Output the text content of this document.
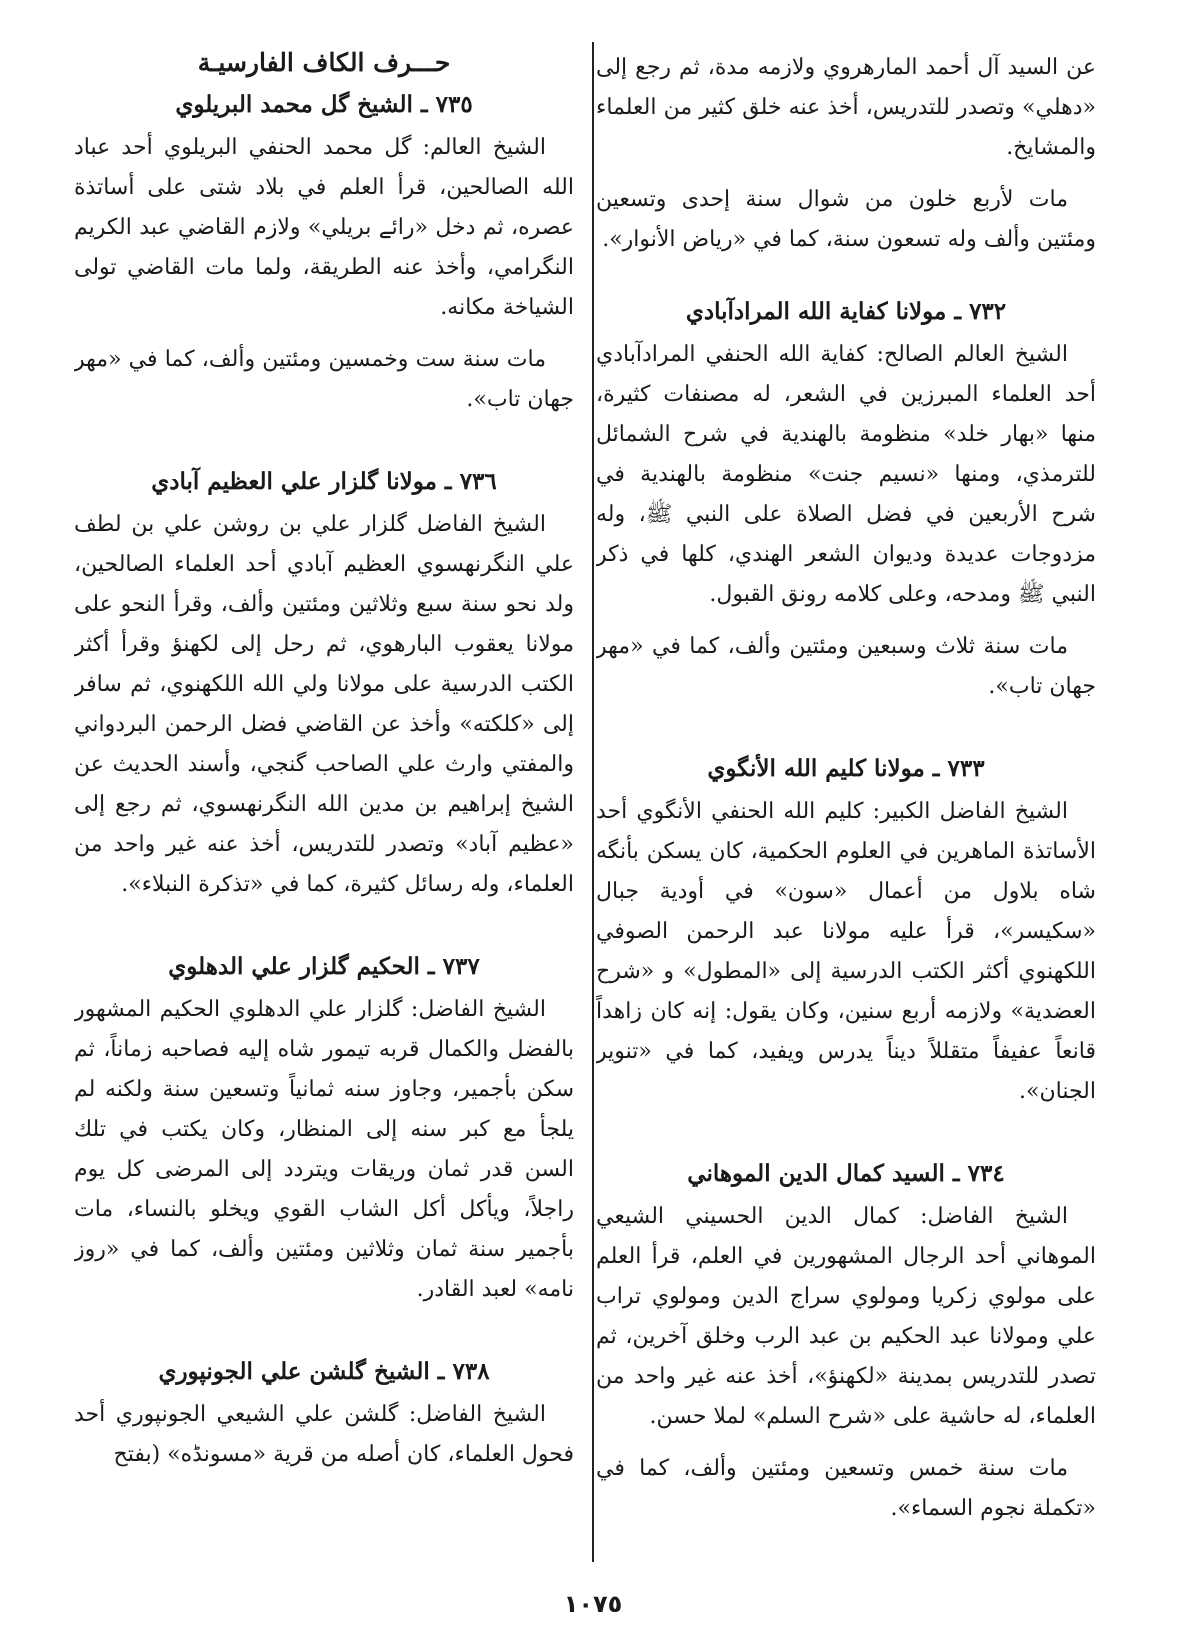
عن السيد آل أحمد المارهروي ولازمه مدة، ثم رجع إلى «دهلي» وتصدر للتدريس، أخذ عنه خلق كثير من العلماء والمشايخ.

مات لأربع خلون من شوال سنة إحدى وتسعين ومئتين وألف وله تسعون سنة، كما في «رياض الأنوار».

٧٣٢ ـ مولانا كفاية الله المرادآبادي

الشيخ العالم الصالح: كفاية الله الحنفي المرادآبادي أحد العلماء المبرزين في الشعر، له مصنفات كثيرة، منها «بهار خلد» منظومة بالهندية في شرح الشمائل للترمذي، ومنها «نسيم جنت» منظومة بالهندية في شرح الأربعين في فضل الصلاة على النبي ﷺ، وله مزدوجات عديدة وديوان الشعر الهندي، كلها في ذكر النبي ﷺ ومدحه، وعلى كلامه رونق القبول.

مات سنة ثلاث وسبعين ومئتين وألف، كما في «مهر جهان تاب».

٧٣٣ ـ مولانا كليم الله الأنگوي

الشيخ الفاضل الكبير: كليم الله الحنفي الأنگوي أحد الأساتذة الماهرين في العلوم الحكمية، كان يسكن بأنگه شاه بلاول من أعمال «سون» في أودية جبال «سكيسر»، قرأ عليه مولانا عبد الرحمن الصوفي اللكهنوي أكثر الكتب الدرسية إلى «المطول» و «شرح العضدية» ولازمه أربع سنين، وكان يقول: إنه كان زاهداً قانعاً عفيفاً متقللاً ديناً يدرس ويفيد، كما في «تنوير الجنان».

٧٣٤ ـ السيد كمال الدين الموهاني

الشيخ الفاضل: كمال الدين الحسيني الشيعي الموهاني أحد الرجال المشهورين في العلم، قرأ العلم على مولوي زكريا ومولوي سراج الدين ومولوي تراب علي ومولانا عبد الحكيم بن عبد الرب وخلق آخرين، ثم تصدر للتدريس بمدينة «لكهنؤ»، أخذ عنه غير واحد من العلماء، له حاشية على «شرح السلم» لملا حسن.

مات سنة خمس وتسعين ومئتين وألف، كما في «تكملة نجوم السماء».

حـــرف الكاف الفارسيـة
٧٣٥ ـ الشيخ گل محمد البريلوي

الشيخ العالم: گل محمد الحنفي البريلوي أحد عباد الله الصالحين، قرأ العلم في بلاد شتى على أساتذة عصره، ثم دخل «رائے بريلي» ولازم القاضي عبد الكريم النگرامي، وأخذ عنه الطريقة، ولما مات القاضي تولى الشياخة مكانه.

مات سنة ست وخمسين ومئتين وألف، كما في «مهر جهان تاب».

٧٣٦ ـ مولانا گلزار علي العظيم آبادي

الشيخ الفاضل گلزار علي بن روشن علي بن لطف علي النگرنهسوي العظيم آبادي أحد العلماء الصالحين، ولد نحو سنة سبع وثلاثين ومئتين وألف، وقرأ النحو على مولانا يعقوب البارهوي، ثم رحل إلى لكهنؤ وقرأ أكثر الكتب الدرسية على مولانا ولي الله اللكهنوي، ثم سافر إلى «كلكته» وأخذ عن القاضي فضل الرحمن البردواني والمفتي وارث علي الصاحب گنجي، وأسند الحديث عن الشيخ إبراهيم بن مدين الله النگرنهسوي، ثم رجع إلى «عظيم آباد» وتصدر للتدريس، أخذ عنه غير واحد من العلماء، وله رسائل كثيرة، كما في «تذكرة النبلاء».

٧٣٧ ـ الحكيم گلزار علي الدهلوي

الشيخ الفاضل: گلزار علي الدهلوي الحكيم المشهور بالفضل والكمال قربه تيمور شاه إليه فصاحبه زماناً، ثم سكن بأجمير، وجاوز سنه ثمانياً وتسعين سنة ولكنه لم يلجأ مع كبر سنه إلى المنظار، وكان يكتب في تلك السن قدر ثمان وريقات ويتردد إلى المرضى كل يوم راجلاً، ويأكل أكل الشاب القوي ويخلو بالنساء، مات بأجمير سنة ثمان وثلاثين ومئتين وألف، كما في «روز نامه» لعبد القادر.

٧٣٨ ـ الشيخ گلشن علي الجونپوري

الشيخ الفاضل: گلشن علي الشيعي الجونپوري أحد فحول العلماء، كان أصله من قرية «مسونڈه» (بفتح

١٠٧٥
